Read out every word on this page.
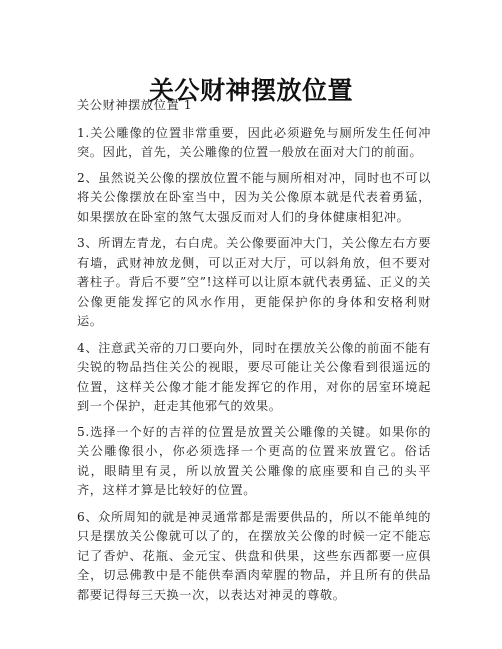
关公财神摆放位置

关公财神摆放位置 1

1.关公雕像的位置非常重要，因此必须避免与厕所发生任何冲突。因此，首先，关公雕像的位置一般放在面对大门的前面。

2、虽然说关公像的摆放位置不能与厕所相对冲，同时也不可以将关公像摆放在卧室当中，因为关公像原本就是代表着勇猛，如果摆放在卧室的煞气太强反而对人们的身体健康相犯冲。

3、所谓左青龙，右白虎。关公像要面冲大门，关公像左右方要有墙，武财神放龙侧，可以正对大厅，可以斜角放，但不要对著柱子。背后不要”空”!这样可以让原本就代表勇猛、正义的关公像更能发挥它的风水作用，更能保护你的身体和安格利财运。

4、注意武关帝的刀口要向外，同时在摆放关公像的前面不能有尖锐的物品挡住关公的视眼，要尽可能让关公像看到很遥远的位置，这样关公像才能才能发挥它的作用，对你的居室环境起到一个保护，赶走其他邪气的效果。

5.选择一个好的吉祥的位置是放置关公雕像的关键。如果你的关公雕像很小，你必须选择一个更高的位置来放置它。俗话说，眼睛里有灵，所以放置关公雕像的底座要和自己的头平齐，这样才算是比较好的位置。

6、众所周知的就是神灵通常都是需要供品的，所以不能单纯的只是摆放关公像就可以了的，在摆放关公像的时候一定不能忘记了香炉、花瓶、金元宝、供盘和供果，这些东西都要一应俱全，切忌佛教中是不能供奉酒肉荤腥的物品，并且所有的供品都要记得每三天换一次，以表达对神灵的尊敬。
